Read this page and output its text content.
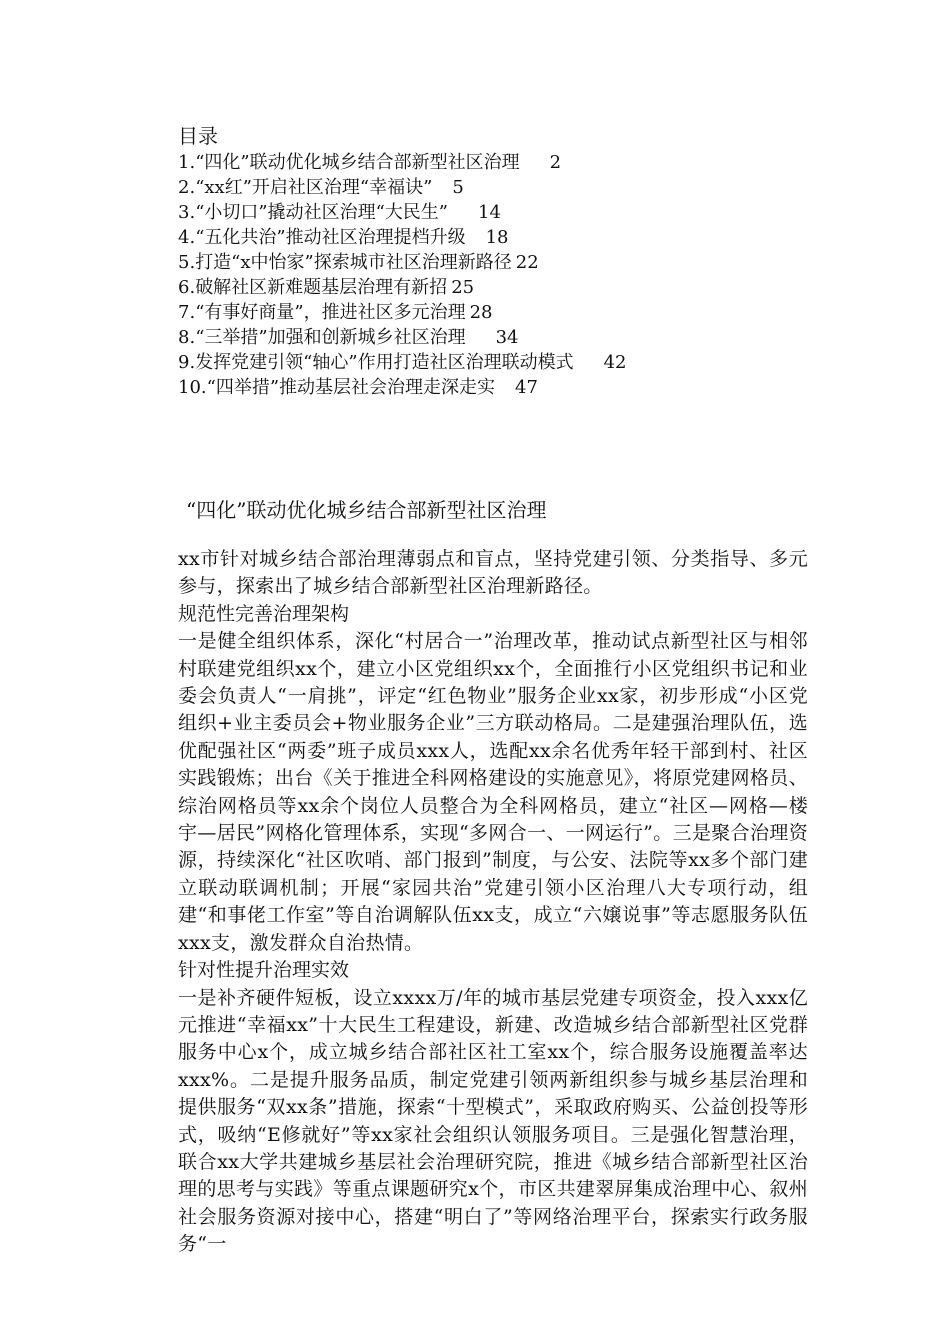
目录
1.“四化”联动优化城乡结合部新型社区治理 2
2.“xx红”开启社区治理“幸福诀” 5
3.“小切口”撬动社区治理“大民生” 14
4.“五化共治”推动社区治理提档升级 18
5.打造“x中怡家”探索城市社区治理新路径 22
6.破解社区新难题基层治理有新招 25
7.“有事好商量”，推进社区多元治理 28
8.“三举措”加强和创新城乡社区治理 34
9.发挥党建引领“轴心”作用打造社区治理联动模式 42
10.“四举措”推动基层社会治理走深走实 47
“四化”联动优化城乡结合部新型社区治理

xx市针对城乡结合部治理薄弱点和盲点，坚持党建引领、分类指导、多元参与，探索出了城乡结合部新型社区治理新路径。

规范性完善治理架构

一是健全组织体系，深化“村居合一”治理改革，推动试点新型社区与相邻村联建党组织xx个，建立小区党组织xx个，全面推行小区党组织书记和业委会负责人“一肩挑”，评定“红色物业”服务企业xx家，初步形成“小区党组织+业主委员会+物业服务企业”三方联动格局。二是建强治理队伍，选优配强社区“两委”班子成员xxx人，选配xx余名优秀年轻干部到村、社区实践锻炼；出台《关于推进全科网格建设的实施意见》，将原党建网格员、综治网格员等xx余个岗位人员整合为全科网格员，建立“社区—网格—楼宇—居民”网格化管理体系，实现“多网合一、一网运行”。三是聚合治理资源，持续深化“社区吹哨、部门报到”制度，与公安、法院等xx多个部门建立联动联调机制；开展“家园共治”党建引领小区治理八大专项行动，组建“和事佬工作室”等自治调解队伍xx支，成立“六嬢说事”等志愿服务队伍xxx支，激发群众自治热情。

针对性提升治理实效

一是补齐硬件短板，设立xxxx万/年的城市基层党建专项资金，投入xxx亿元推进“幸福xx”十大民生工程建设，新建、改造城乡结合部新型社区党群服务中心x个，成立城乡结合部社区社工室xx个，综合服务设施覆盖率达xxx%。二是提升服务品质，制定党建引领两新组织参与城乡基层治理和提供服务“双xx条”措施，探索“十型模式”，采取政府购买、公益创投等形式，吸纳“E修就好”等xx家社会组织认领服务项目。三是强化智慧治理，联合xx大学共建城乡基层社会治理研究院，推进《城乡结合部新型社区治理的思考与实践》等重点课题研究x个，市区共建翠屏集成治理中心、叙州社会服务资源对接中心，搭建“明白了”等网络治理平台，探索实行政务服务“一
